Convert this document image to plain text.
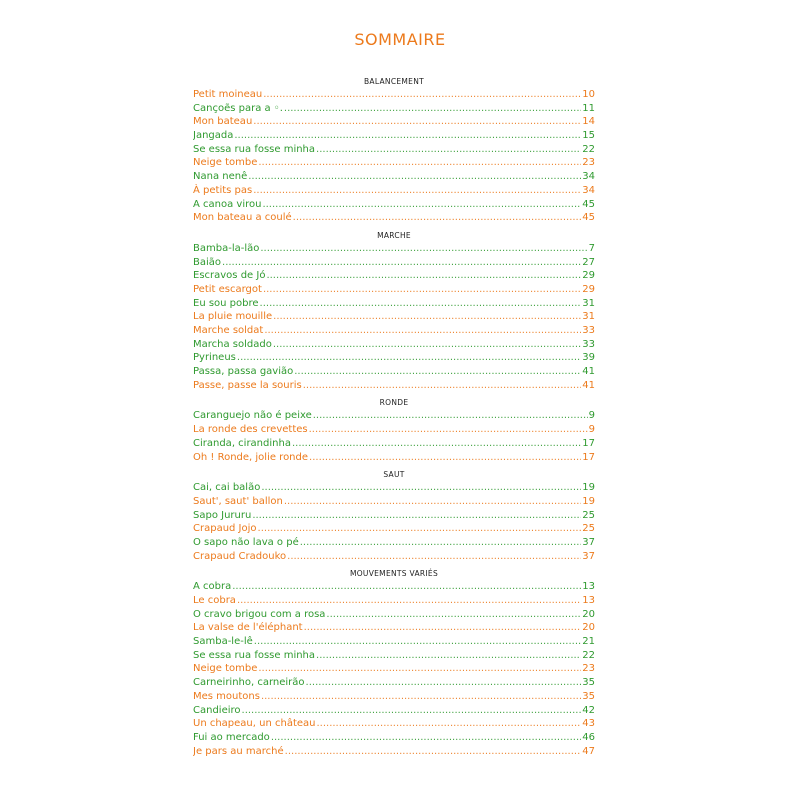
SOMMAIRE
BALANCEMENT
Petit moineau .....	10
Cançoẽs para a ◦. .....	11
Mon bateau .....	14
Jangada .....	15
Se essa rua fosse minha .....	22
Neige tombe .....	23
Nana nenê .....	34
À petits pas .....	34
A canoa virou .....	45
Mon bateau a coulé .....	45
MARCHE
Bamba-la-lão .....	7
Baião .....	27
Escravos de Jó .....	29
Petit escargot .....	29
Eu sou pobre .....	31
La pluie mouille .....	31
Marche soldat .....	33
Marcha soldado .....	33
Pyrineus .....	39
Passa, passa gavião .....	41
Passe, passe la souris .....	41
RONDE
Caranguejo não é peixe .....	9
La ronde des crevettes .....	9
Ciranda, cirandinha .....	17
Oh ! Ronde, jolie ronde .....	17
SAUT
Cai, cai balão .....	19
Saut', saut' ballon .....	19
Sapo Jururu .....	25
Crapaud Jojo .....	25
O sapo não lava o pé .....	37
Crapaud Cradouko .....	37
MOUVEMENTS VARIÉS
A cobra .....	13
Le cobra .....	13
O cravo brigou com a rosa .....	20
La valse de l'éléphant .....	20
Samba-le-lê .....	21
Se essa rua fosse minha .....	22
Neige tombe .....	23
Carneirinho, carneirão .....	35
Mes moutons .....	35
Candieiro .....	42
Un chapeau, un château .....	43
Fui ao mercado .....	46
Je pars au marché .....	47
